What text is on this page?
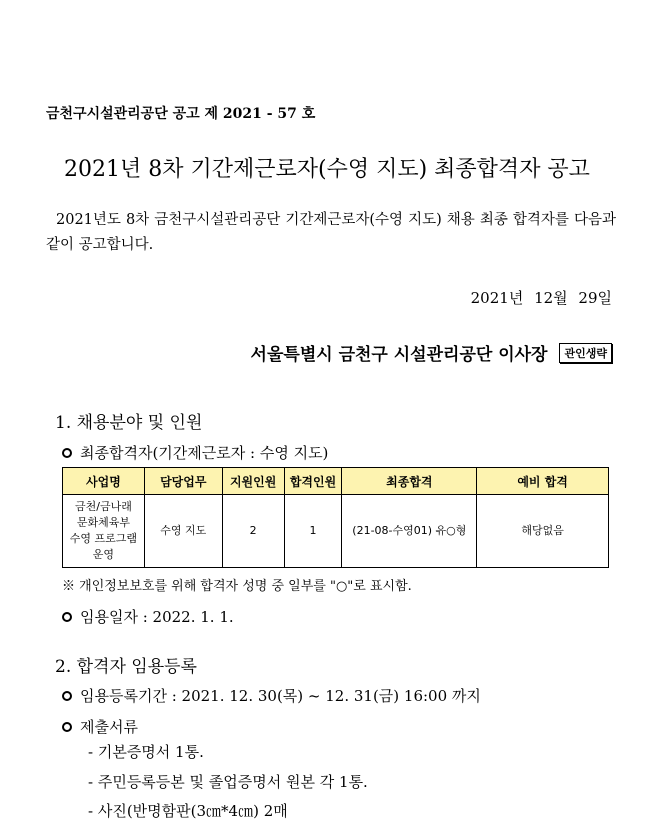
금천구시설관리공단 공고 제 2021 - 57 호
2021년 8차 기간제근로자(수영 지도) 최종합격자 공고
2021년도 8차 금천구시설관리공단 기간제근로자(수영 지도) 채용 최종 합격자를 다음과 같이 공고합니다.
2021년 12월 29일
서울특별시 금천구 시설관리공단 이사장	관인생략
1. 채용분야 및 인원
최종합격자(기간제근로자 : 수영 지도)
사업명	담당업무	지원인원	합격인원	최종합격	예비 합격

금천/금나래
문화체육부
수영 프로그램
운영	수영 지도	2	1	(21-08-수영01) 유○형	해당없음
※ 개인정보보호를 위해 합격자 성명 중 일부를 "○"로 표시함.
임용일자 : 2022. 1. 1.
2. 합격자 임용등록
임용등록기간 : 2021. 12. 30(목) ~ 12. 31(금) 16:00 까지
제출서류
- 기본증명서 1통.
- 주민등록등본 및 졸업증명서 원본 각 1통.
- 사진(반명함판(3㎝*4㎝) 2매
